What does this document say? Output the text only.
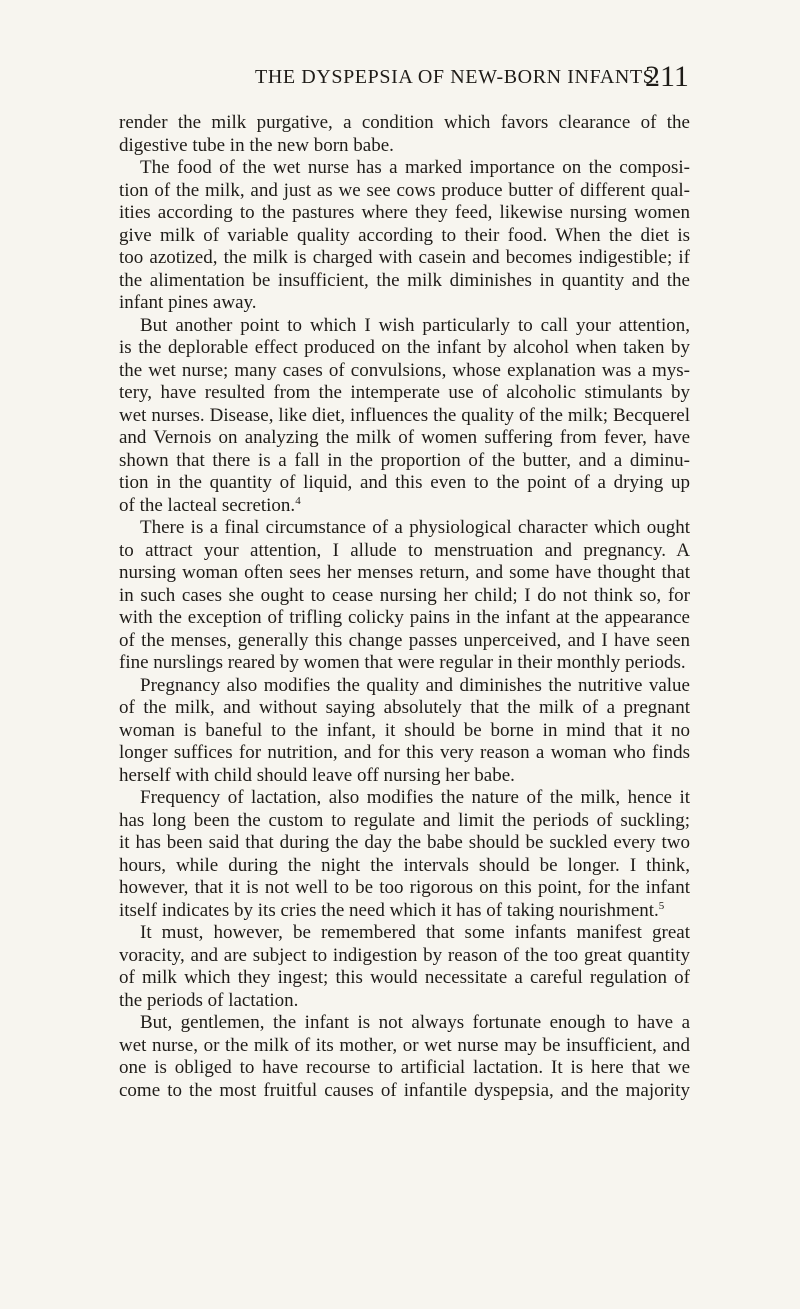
THE DYSPEPSIA OF NEW-BORN INFANTS.
211
render the milk purgative, a condition which favors clearance of the
digestive tube in the new born babe.
The food of the wet nurse has a marked importance on the composi-
tion of the milk, and just as we see cows produce butter of different qual-
ities according to the pastures where they feed, likewise nursing women
give milk of variable quality according to their food. When the diet is
too azotized, the milk is charged with casein and becomes indigestible; if
the alimentation be insufficient, the milk diminishes in quantity and the
infant pines away.
But another point to which I wish particularly to call your attention,
is the deplorable effect produced on the infant by alcohol when taken by
the wet nurse; many cases of convulsions, whose explanation was a mys-
tery, have resulted from the intemperate use of alcoholic stimulants by
wet nurses. Disease, like diet, influences the quality of the milk; Becquerel
and Vernois on analyzing the milk of women suffering from fever, have
shown that there is a fall in the proportion of the butter, and a diminu-
tion in the quantity of liquid, and this even to the point of a drying up
of the lacteal secretion.$^4$
There is a final circumstance of a physiological character which ought
to attract your attention, I allude to menstruation and pregnancy. A
nursing woman often sees her menses return, and some have thought that
in such cases she ought to cease nursing her child; I do not think so, for
with the exception of trifling colicky pains in the infant at the appearance
of the menses, generally this change passes unperceived, and I have seen
fine nurslings reared by women that were regular in their monthly periods.
Pregnancy also modifies the quality and diminishes the nutritive value
of the milk, and without saying absolutely that the milk of a pregnant
woman is baneful to the infant, it should be borne in mind that it no
longer suffices for nutrition, and for this very reason a woman who finds
herself with child should leave off nursing her babe.
Frequency of lactation, also modifies the nature of the milk, hence it
has long been the custom to regulate and limit the periods of suckling;
it has been said that during the day the babe should be suckled every two
hours, while during the night the intervals should be longer. I think,
however, that it is not well to be too rigorous on this point, for the infant
itself indicates by its cries the need which it has of taking nourishment.$^5$
It must, however, be remembered that some infants manifest great
voracity, and are subject to indigestion by reason of the too great quantity
of milk which they ingest; this would necessitate a careful regulation of
the periods of lactation.
But, gentlemen, the infant is not always fortunate enough to have a
wet nurse, or the milk of its mother, or wet nurse may be insufficient, and
one is obliged to have recourse to artificial lactation. It is here that we
come to the most fruitful causes of infantile dyspepsia, and the majority
